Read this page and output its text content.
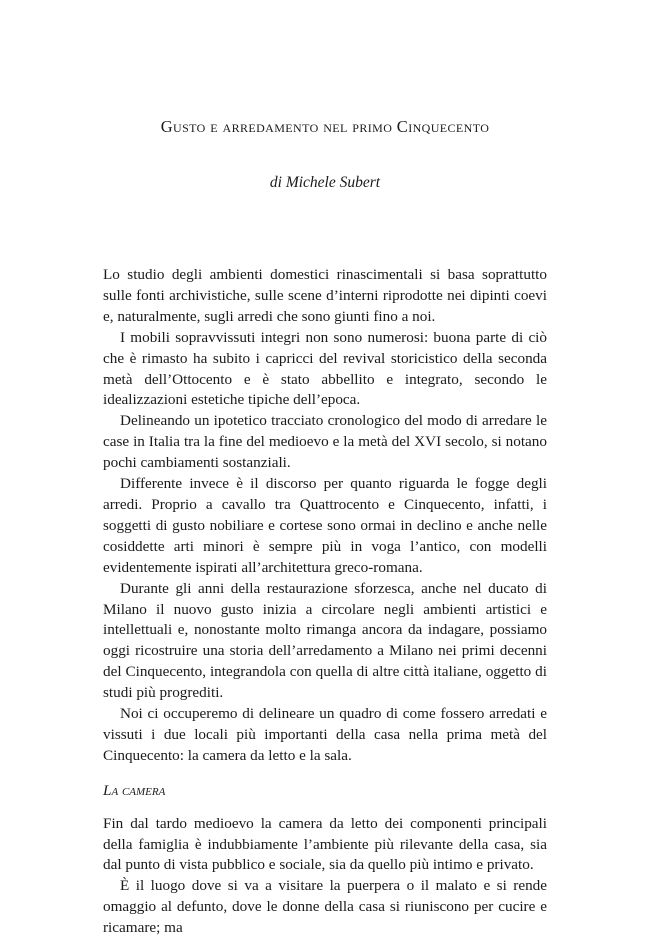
Gusto e arredamento nel primo Cinquecento
di Michele Subert

Lo studio degli ambienti domestici rinascimentali si basa soprattutto sulle fonti archivistiche, sulle scene d’interni riprodotte nei dipinti coevi e, naturalmente, sugli arredi che sono giunti fino a noi.

I mobili sopravvissuti integri non sono numerosi: buona parte di ciò che è rimasto ha subito i capricci del revival storicistico della seconda metà dell’Ottocento e è stato abbellito e integrato, secondo le idealizzazioni estetiche tipiche dell’epoca.

Delineando un ipotetico tracciato cronologico del modo di arredare le case in Italia tra la fine del medioevo e la metà del XVI secolo, si notano pochi cambiamenti sostanziali.

Differente invece è il discorso per quanto riguarda le fogge degli arredi. Proprio a cavallo tra Quattrocento e Cinquecento, infatti, i soggetti di gusto nobiliare e cortese sono ormai in declino e anche nelle cosiddette arti minori è sempre più in voga l’antico, con modelli evidentemente ispirati all’architettura greco-romana.

Durante gli anni della restaurazione sforzesca, anche nel ducato di Milano il nuovo gusto inizia a circolare negli ambienti artistici e intellettuali e, nonostante molto rimanga ancora da indagare, possiamo oggi ricostruire una storia dell’arredamento a Milano nei primi decenni del Cinquecento, integrandola con quella di altre città italiane, oggetto di studi più progrediti.

Noi ci occuperemo di delineare un quadro di come fossero arredati e vissuti i due locali più importanti della casa nella prima metà del Cinquecento: la camera da letto e la sala.

La camera

Fin dal tardo medioevo la camera da letto dei componenti principali della famiglia è indubbiamente l’ambiente più rilevante della casa, sia dal punto di vista pubblico e sociale, sia da quello più intimo e privato.

È il luogo dove si va a visitare la puerpera o il malato e si rende omaggio al defunto, dove le donne della casa si riuniscono per cucire e ricamare; ma
